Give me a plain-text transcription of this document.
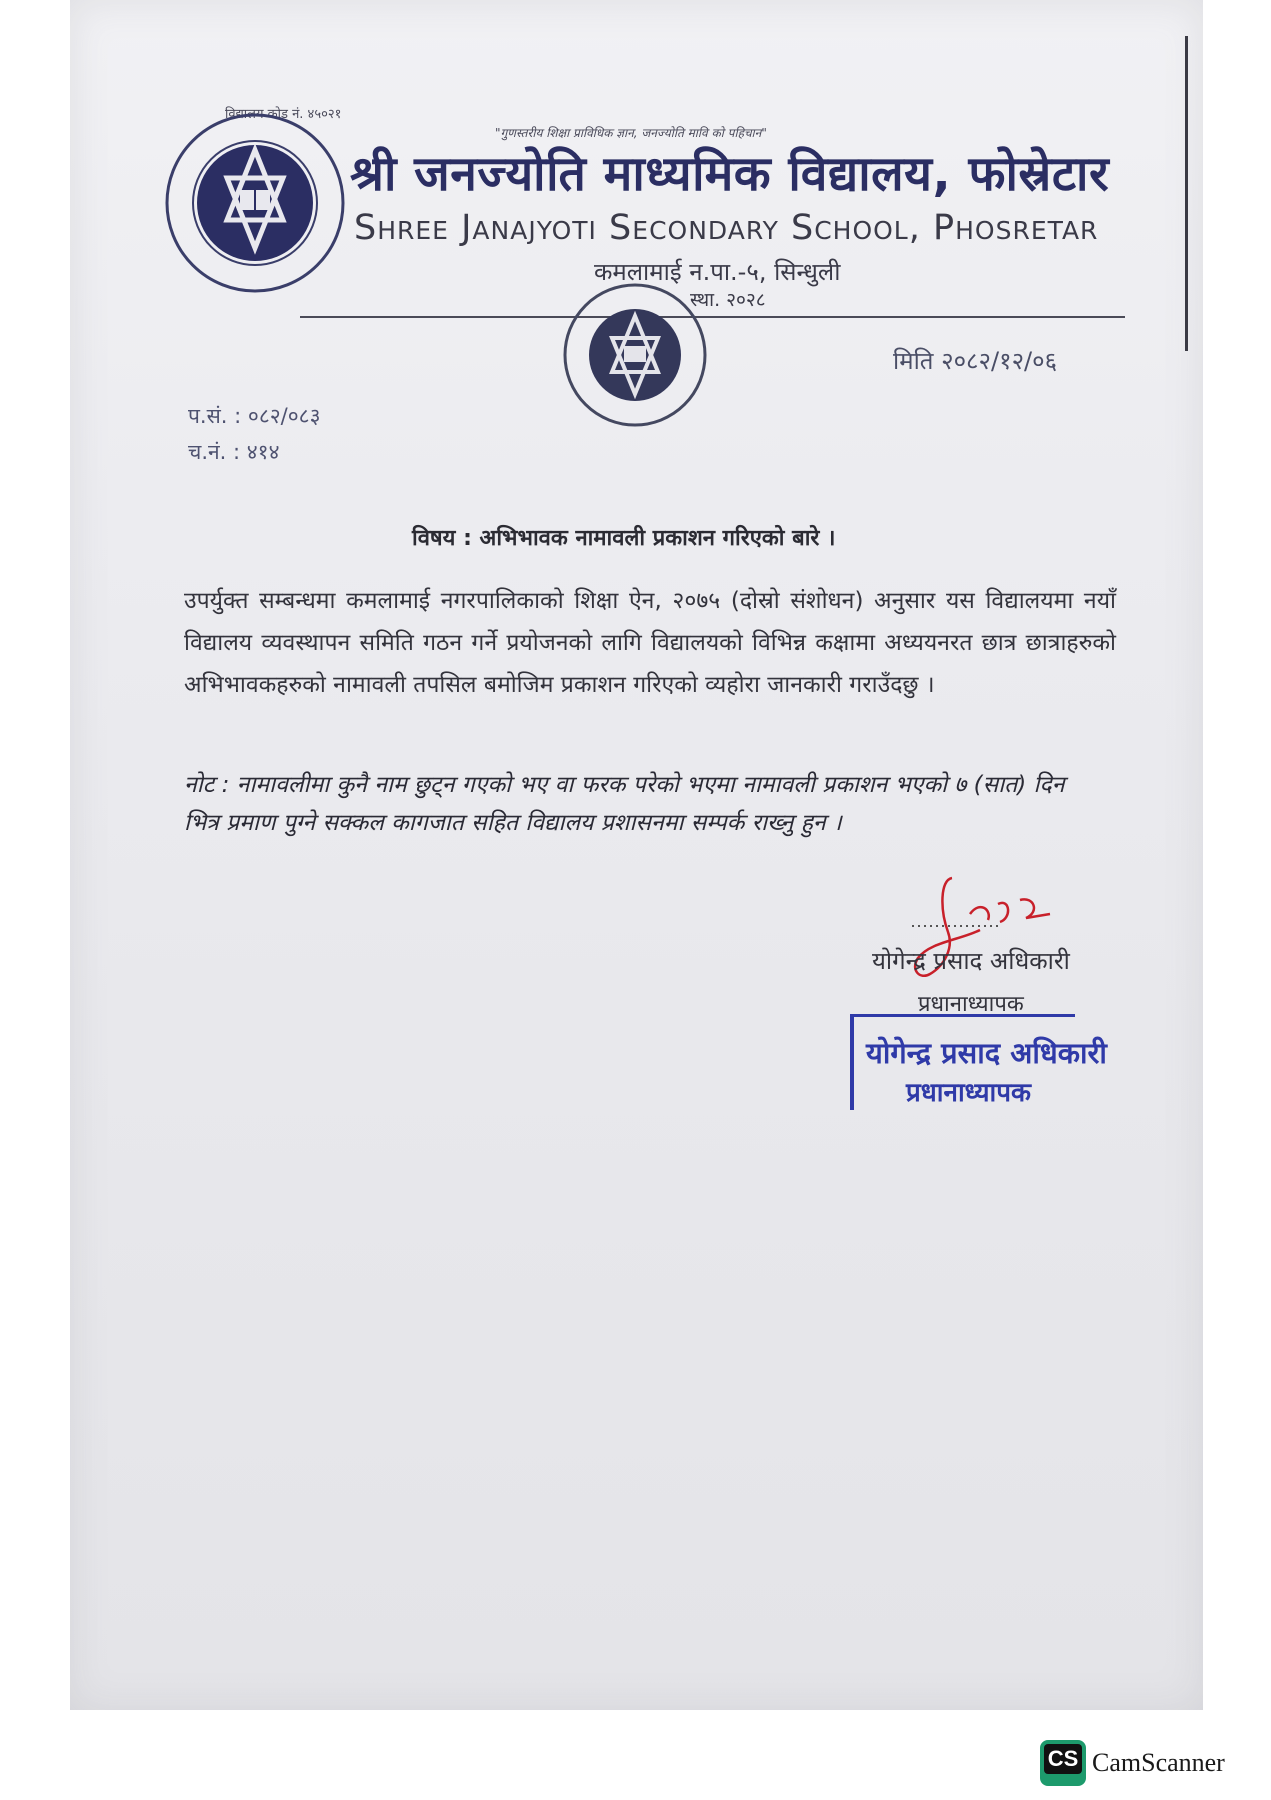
विद्यालय कोड नं. ४५०२१
"गुणस्तरीय शिक्षा प्राविधिक ज्ञान, जनज्योति मावि को पहिचान"
श्री जनज्योति माध्यमिक विद्यालय, फोस्रेटार
Shree Janajyoti Secondary School, Phosretar
कमलामाई न.पा.-५, सिन्धुली
स्था. २०२८
मिति २०८२/१२/०६
प.सं. : ०८२/०८३
च.नं. : ४१४
विषय : अभिभावक नामावली प्रकाशन गरिएको बारे ।
उपर्युक्त सम्बन्धमा कमलामाई नगरपालिकाको शिक्षा ऐन, २०७५ (दोस्रो संशोधन) अनुसार यस विद्यालयमा नयाँ विद्यालय व्यवस्थापन समिति गठन गर्ने प्रयोजनको लागि विद्यालयको विभिन्न कक्षामा अध्ययनरत छात्र छात्राहरुको अभिभावकहरुको नामावली तपसिल बमोजिम प्रकाशन गरिएको व्यहोरा जानकारी गराउँदछु ।
नोट : नामावलीमा कुनै नाम छुट्न गएको भए वा फरक परेको भएमा नामावली प्रकाशन भएको ७ (सात) दिन भित्र प्रमाण पुग्ने सक्कल कागजात सहित विद्यालय प्रशासनमा सम्पर्क राख्नु हुन ।
योगेन्द्र प्रसाद अधिकारी
प्रधानाध्यापक
योगेन्द्र प्रसाद अधिकारी
प्रधानाध्यापक
CS CamScanner
